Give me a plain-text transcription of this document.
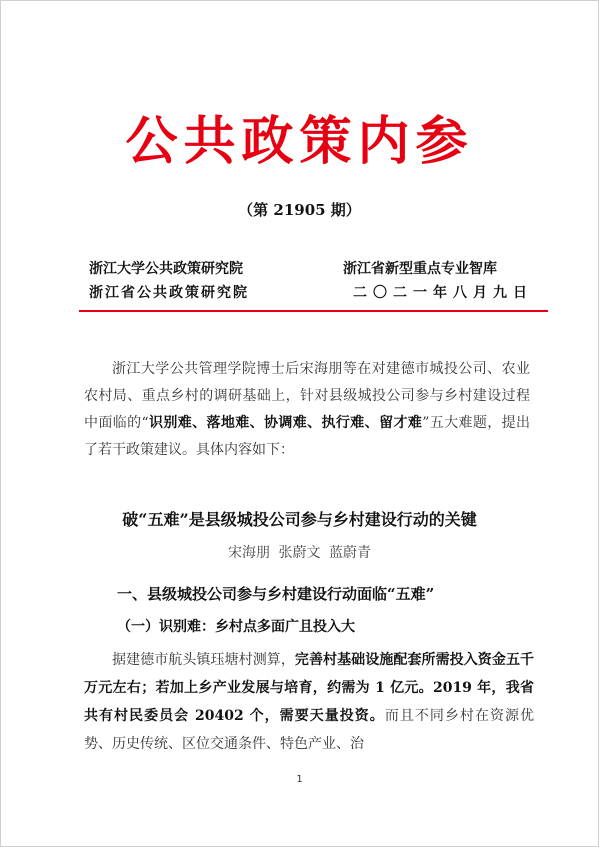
公共政策内参
（第 21905 期）
浙江大学公共政策研究院
浙江省公共政策研究院
浙江省新型重点专业智库
二〇二一年八月九日

浙江大学公共管理学院博士后宋海朋等在对建德市城投公司、农业农村局、重点乡村的调研基础上，针对县级城投公司参与乡村建设过程中面临的“识别难、落地难、协调难、执行难、留才难”五大难题，提出了若干政策建议。具体内容如下：

破“五难”是县级城投公司参与乡村建设行动的关键
宋海朋 张蔚文 蓝蔚青
一、县级城投公司参与乡村建设行动面临“五难”
（一）识别难：乡村点多面广且投入大

据建德市航头镇珏塘村测算，完善村基础设施配套所需投入资金五千万元左右；若加上乡产业发展与培育，约需为 1 亿元。2019 年，我省共有村民委员会 20402 个，需要天量投资。而且不同乡村在资源优势、历史传统、区位交通条件、特色产业、治

1
